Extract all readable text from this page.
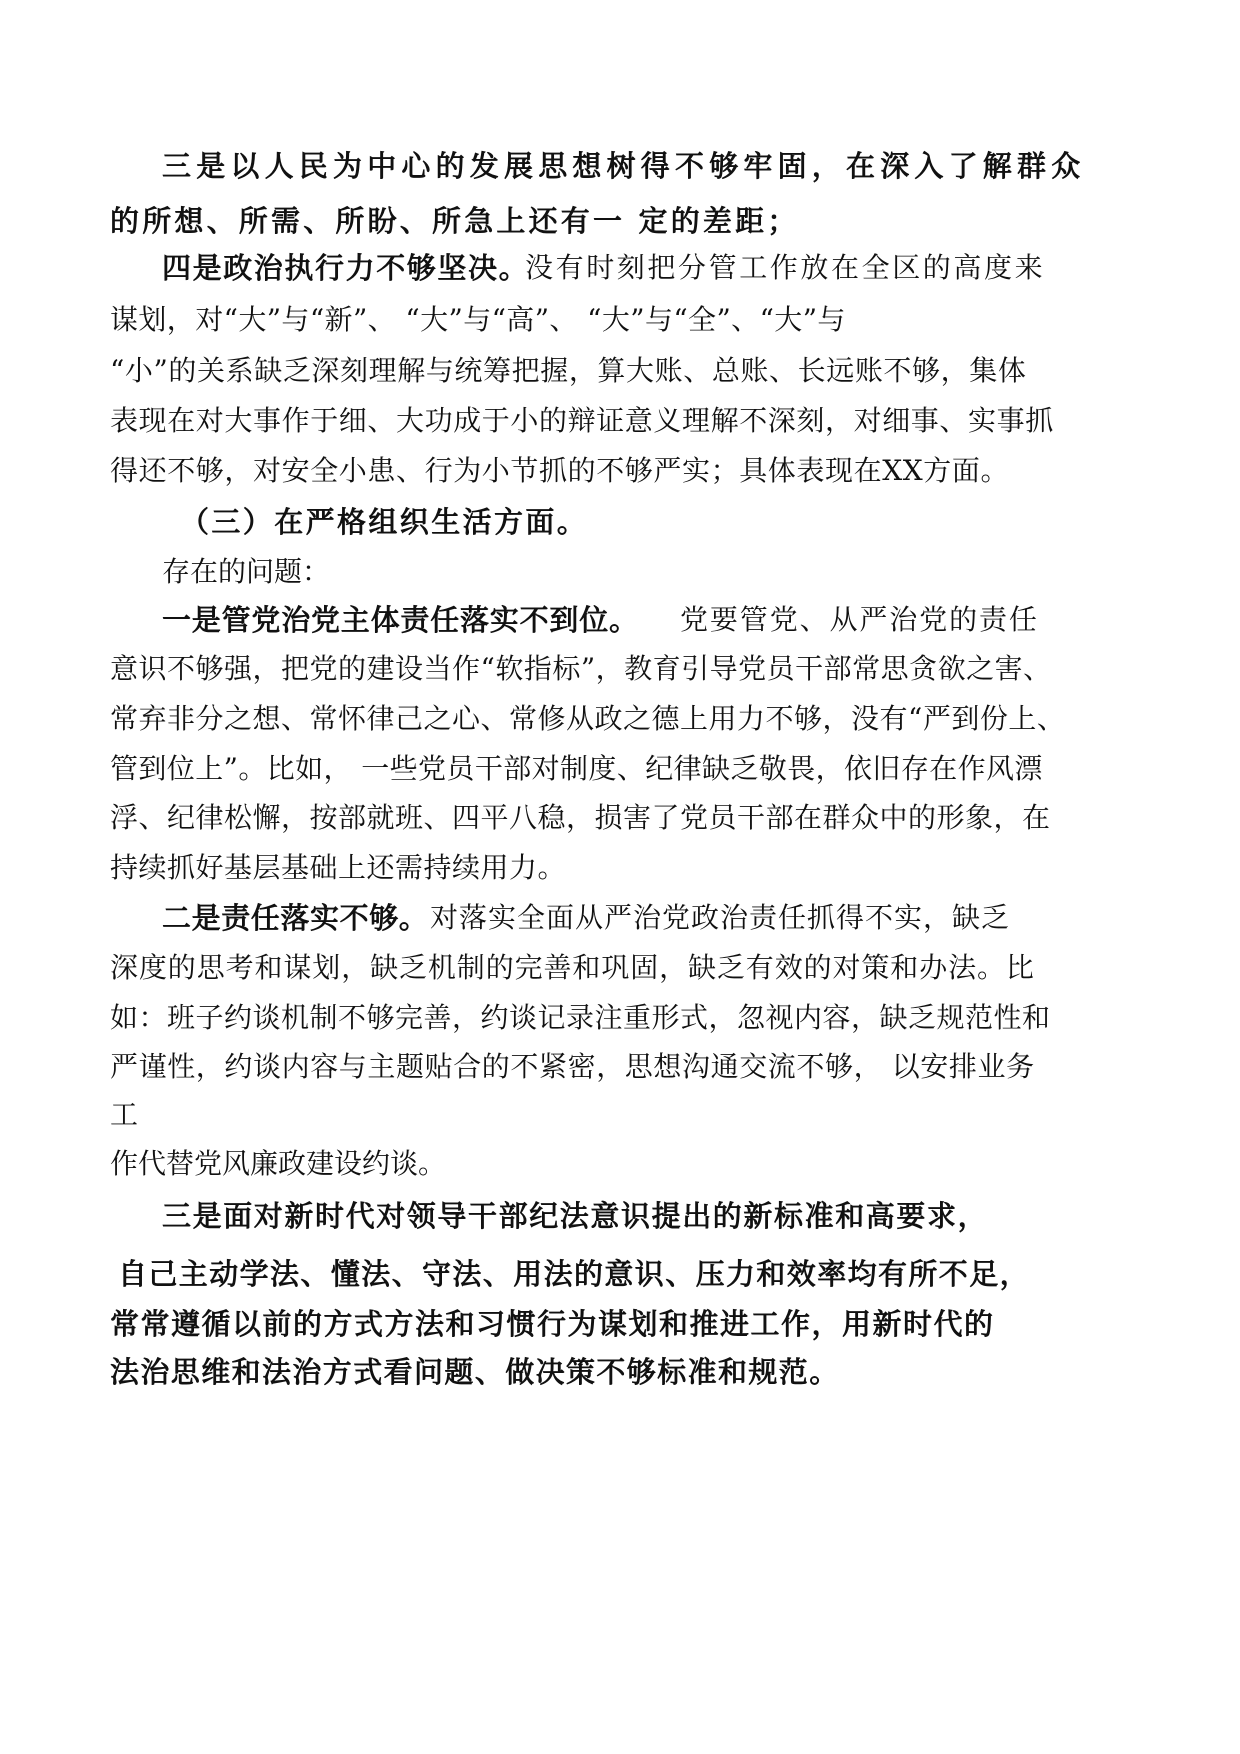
三是以人民为中心的发展思想树得不够牢固，在深入了解群众
的所想、所需、所盼、所急上还有一 定的差距；
四是政治执行力不够坚决。
没有时刻把分管工作放在全区的高度来
谋划，对“大”与“新”、 “大”与“高”、 “大”与“全”、“大”与
“小”的关系缺乏深刻理解与统筹把握，算大账、总账、长远账不够，集体
表现在对大事作于细、大功成于小的辩证意义理解不深刻，对细事、实事抓
得还不够，对安全小患、行为小节抓的不够严实；具体表现在XX方面。
（三）在严格组织生活方面。
存在的问题：
一是管党治党主体责任落实不到位。 党要管党、从严治党的责任
意识不够强，把党的建设当作“软指标”，教育引导党员干部常思贪欲之害、
常弃非分之想、常怀律己之心、常修从政之德上用力不够，没有“严到份上、
管到位上”。比如， 一些党员干部对制度、纪律缺乏敬畏，依旧存在作风漂
浮、纪律松懈，按部就班、四平八稳，损害了党员干部在群众中的形象，在
持续抓好基层基础上还需持续用力。
二是责任落实不够。 对落实全面从严治党政治责任抓得不实，缺乏
深度的思考和谋划，缺乏机制的完善和巩固，缺乏有效的对策和办法。比
如：班子约谈机制不够完善，约谈记录注重形式，忽视内容，缺乏规范性和
严谨性，约谈内容与主题贴合的不紧密，思想沟通交流不够， 以安排业务
工
作代替党风廉政建设约谈。
三是面对新时代对领导干部纪法意识提出的新标准和高要求，
自己主动学法、懂法、守法、用法的意识、压力和效率均有所不足，
常常遵循以前的方式方法和习惯行为谋划和推进工作，用新时代的
法治思维和法治方式看问题、做决策不够标准和规范。
